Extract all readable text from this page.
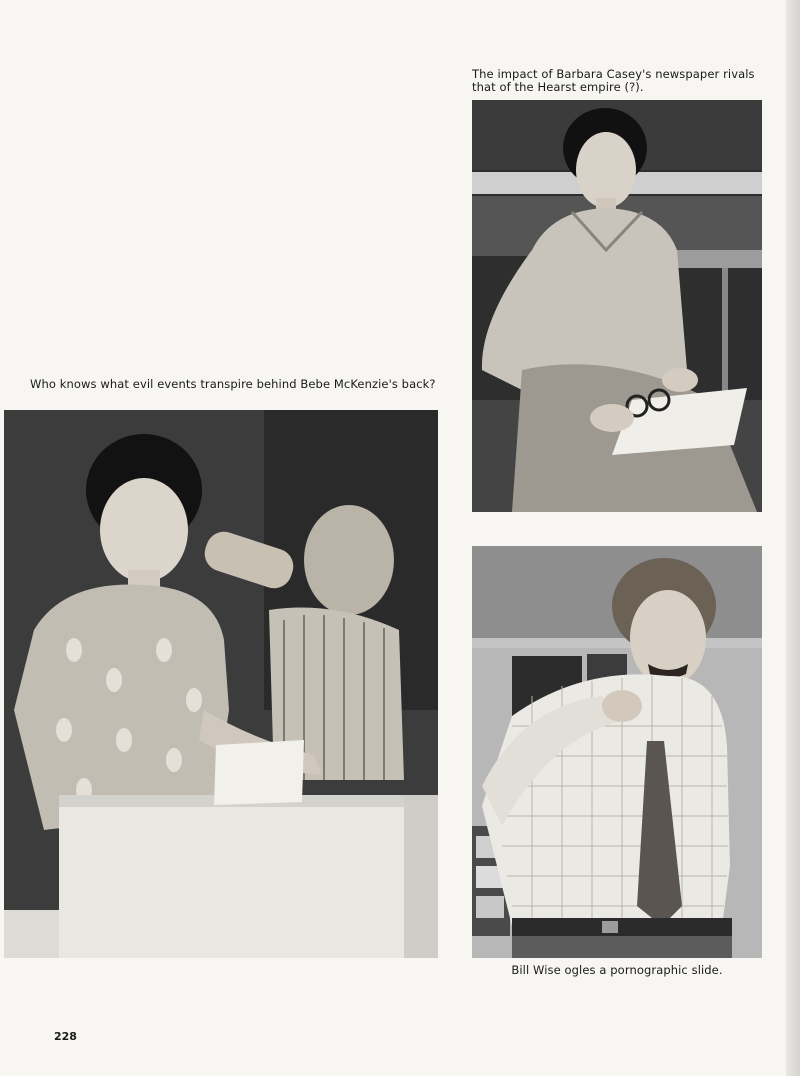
The impact of Barbara Casey's newspaper rivals that of the Hearst empire (?).

Who knows what evil events transpire behind Bebe McKenzie's back?

Bill Wise ogles a pornographic slide.

228
